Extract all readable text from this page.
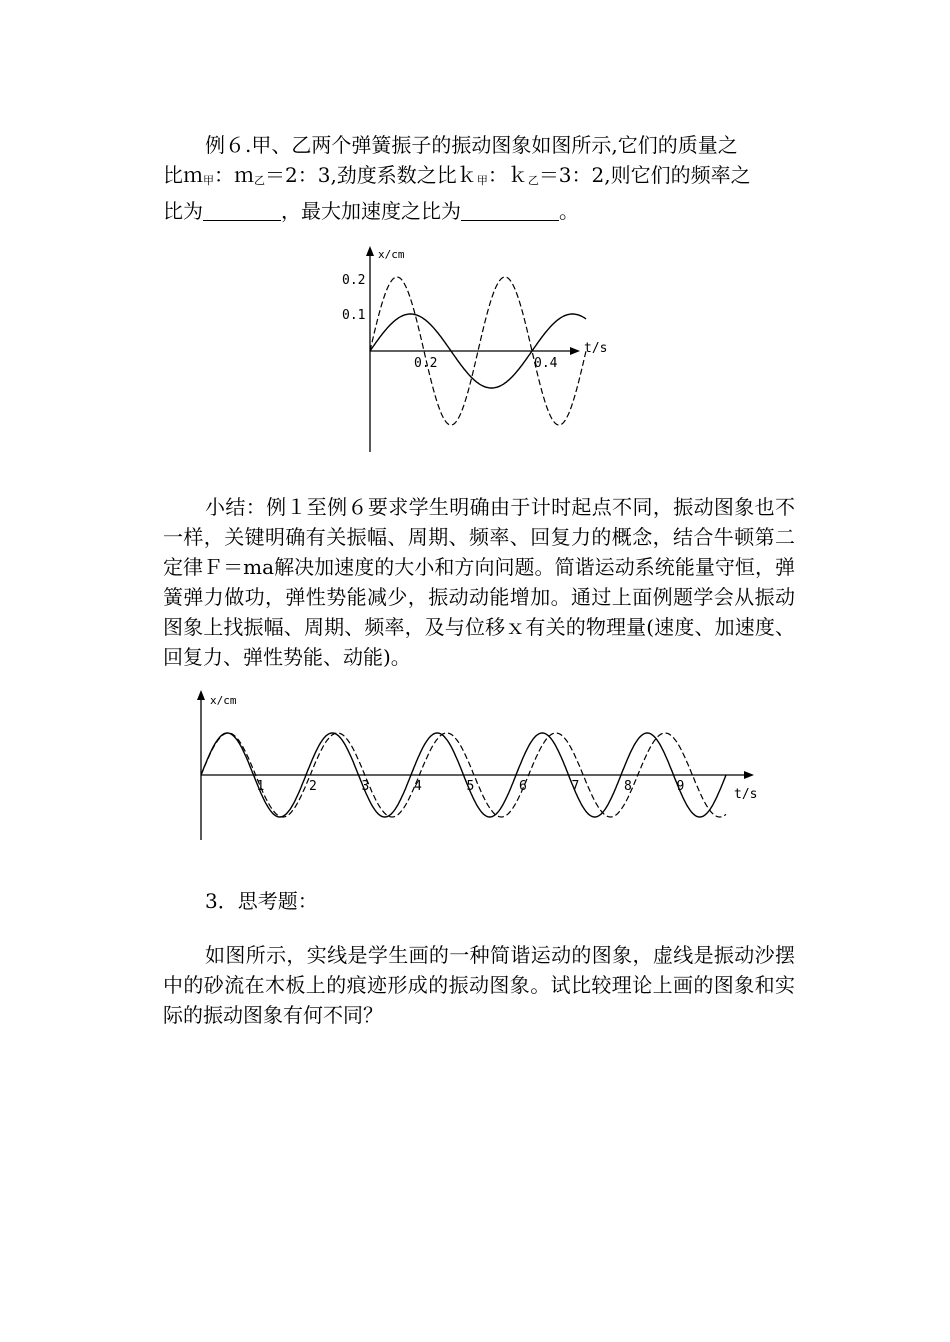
例６.甲、乙两个弹簧振子的振动图象如图所示,它们的质量之
比ｍ甲：ｍ乙＝2：3,劲度系数之比ｋ甲：ｋ乙＝3：2,则它们的频率之
比为	，最大加速度之比为	。
x/cm
t/s
0.2
0.1
0.2	0.4
小结：例１至例６要求学生明确由于计时起点不同，振动图象也不一样，关键明确有关振幅、周期、频率、回复力的概念，结合牛顿第二定律Ｆ＝ma解决加速度的大小和方向问题。简谐运动系统能量守恒，弹簧弹力做功，弹性势能减少，振动动能增加。通过上面例题学会从振动图象上找振幅、周期、频率，及与位移ｘ有关的物理量(速度、加速度、回复力、弹性势能、动能)。
x/cm
t/s
1	2	3	4	5	6	7	8	9
3．思考题：
如图所示，实线是学生画的一种简谐运动的图象，虚线是振动沙摆中的砂流在木板上的痕迹形成的振动图象。试比较理论上画的图象和实际的振动图象有何不同？
